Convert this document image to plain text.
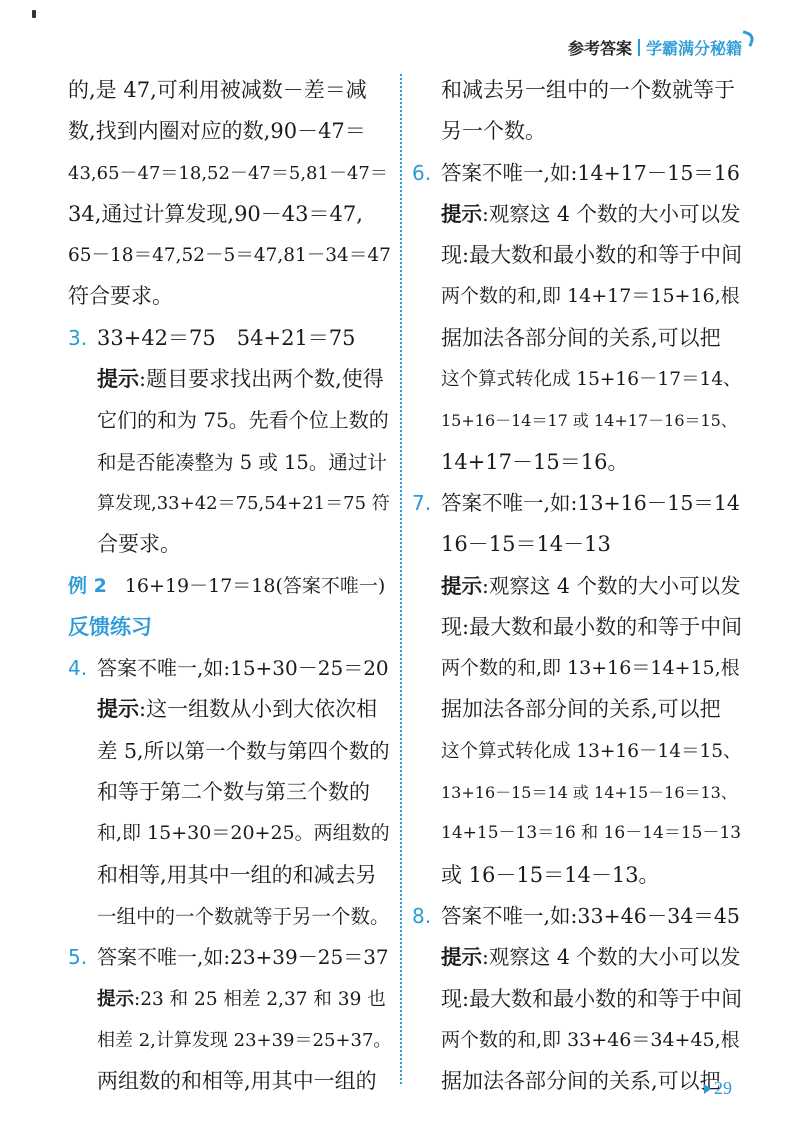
参考答案 学霸满分秘籍
的,是 47,可利用被减数－差＝减
数,找到内圈对应的数,90－47＝
43,65－47＝18,52－47＝5,81－47＝
34,通过计算发现,90－43＝47,
65－18＝47,52－5＝47,81－34＝47
符合要求。
3. 33+42＝75　54+21＝75
提示:题目要求找出两个数,使得
它们的和为 75。先看个位上数的
和是否能凑整为 5 或 15。通过计
算发现,33+42＝75,54+21＝75 符
合要求。
例 2 16+19－17＝18(答案不唯一)
反馈练习
4. 答案不唯一,如:15+30－25＝20
提示:这一组数从小到大依次相
差 5,所以第一个数与第四个数的
和等于第二个数与第三个数的
和,即 15+30＝20+25。两组数的
和相等,用其中一组的和减去另
一组中的一个数就等于另一个数。
5. 答案不唯一,如:23+39－25＝37
提示:23 和 25 相差 2,37 和 39 也
相差 2,计算发现 23+39＝25+37。
两组数的和相等,用其中一组的
和减去另一组中的一个数就等于
另一个数。
6. 答案不唯一,如:14+17－15＝16
提示:观察这 4 个数的大小可以发
现:最大数和最小数的和等于中间
两个数的和,即 14+17＝15+16,根
据加法各部分间的关系,可以把
这个算式转化成 15+16－17＝14、
15+16－14＝17 或 14+17－16＝15、
14+17－15＝16。
7. 答案不唯一,如:13+16－15＝14
16－15＝14－13
提示:观察这 4 个数的大小可以发
现:最大数和最小数的和等于中间
两个数的和,即 13+16＝14+15,根
据加法各部分间的关系,可以把
这个算式转化成 13+16－14＝15、
13+16－15＝14 或 14+15－16＝13、
14+15－13＝16 和 16－14＝15－13
或 16－15＝14－13。
8. 答案不唯一,如:33+46－34＝45
提示:观察这 4 个数的大小可以发
现:最大数和最小数的和等于中间
两个数的和,即 33+46＝34+45,根
据加法各部分间的关系,可以把
29
